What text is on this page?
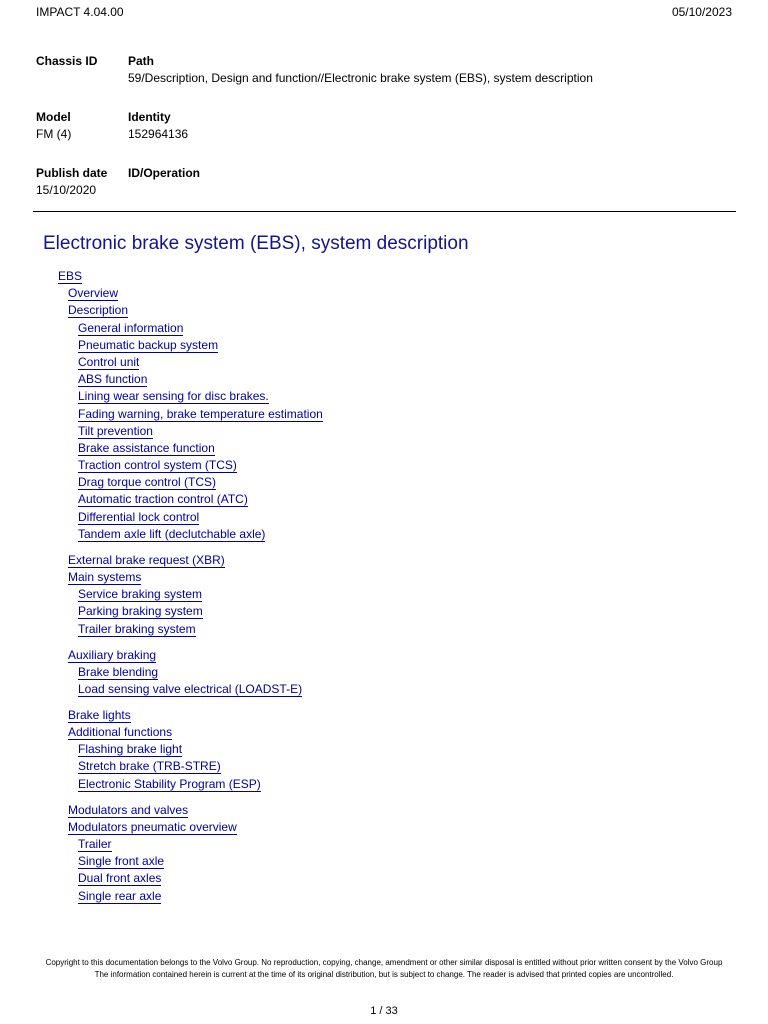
IMPACT 4.04.00	05/10/2023
Chassis ID	Path
59/Description, Design and function//Electronic brake system (EBS), system description
Model
FM (4)
Identity
152964136
Publish date
15/10/2020
ID/Operation
Electronic brake system (EBS), system description
EBS
Overview
Description
General information
Pneumatic backup system
Control unit
ABS function
Lining wear sensing for disc brakes.
Fading warning, brake temperature estimation
Tilt prevention
Brake assistance function
Traction control system (TCS)
Drag torque control (TCS)
Automatic traction control (ATC)
Differential lock control
Tandem axle lift (declutchable axle)
External brake request (XBR)
Main systems
Service braking system
Parking braking system
Trailer braking system
Auxiliary braking
Brake blending
Load sensing valve electrical (LOADST-E)
Brake lights
Additional functions
Flashing brake light
Stretch brake (TRB-STRE)
Electronic Stability Program (ESP)
Modulators and valves
Modulators pneumatic overview
Trailer
Single front axle
Dual front axles
Single rear axle
Copyright to this documentation belongs to the Volvo Group. No reproduction, copying, change, amendment or other similar disposal is entitled without prior written consent by the Volvo Group
The information contained herein is current at the time of its original distribution, but is subject to change. The reader is advised that printed copies are uncontrolled.
1 / 33
